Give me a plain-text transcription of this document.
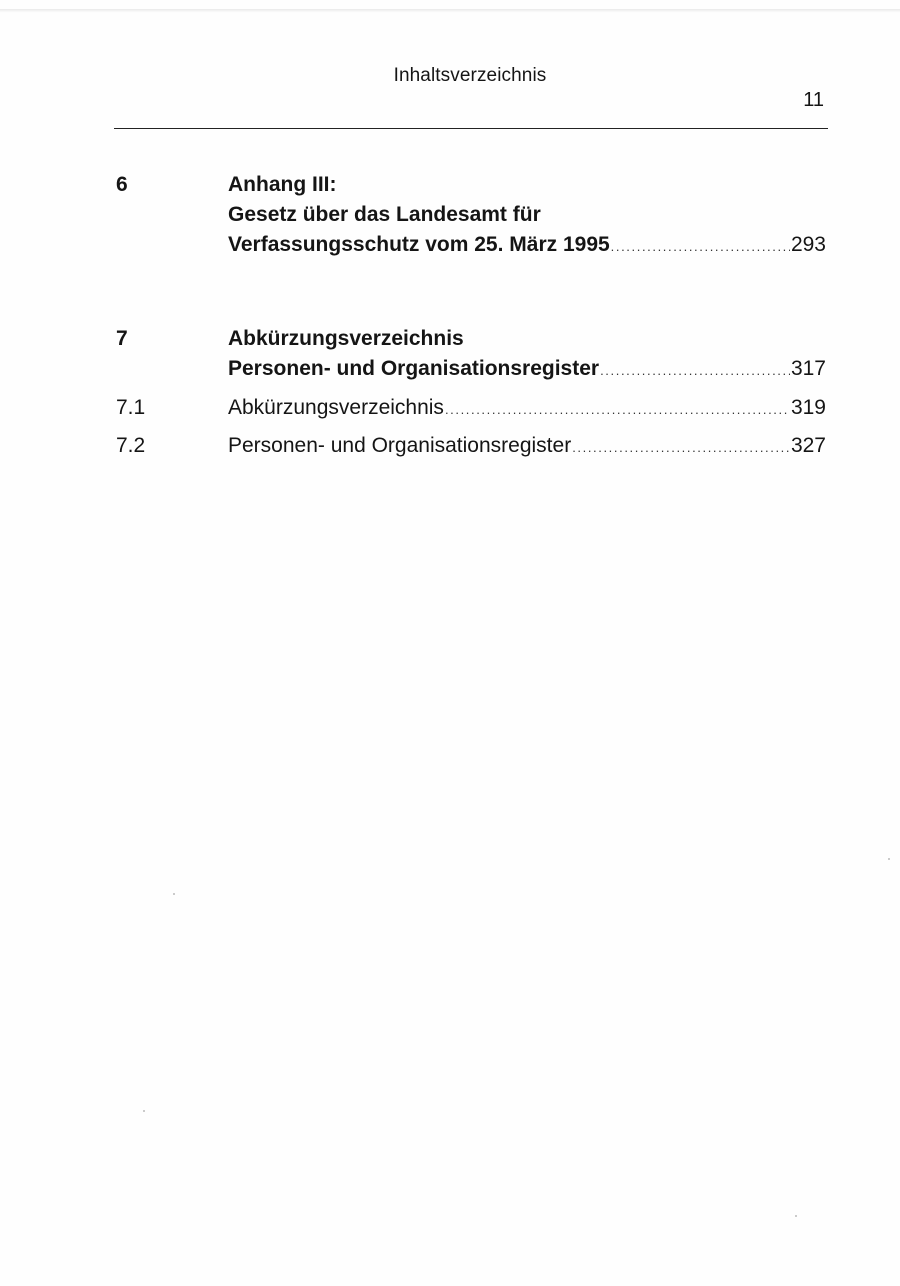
Inhaltsverzeichnis
11
6	Anhang III:
Gesetz über das Landesamt für
Verfassungsschutz vom 25. März 1995 .....	293
7	Abkürzungsverzeichnis
Personen- und Organisationsregister .....	317
7.1	Abkürzungsverzeichnis .....	319
7.2	Personen- und Organisationsregister .....	327
